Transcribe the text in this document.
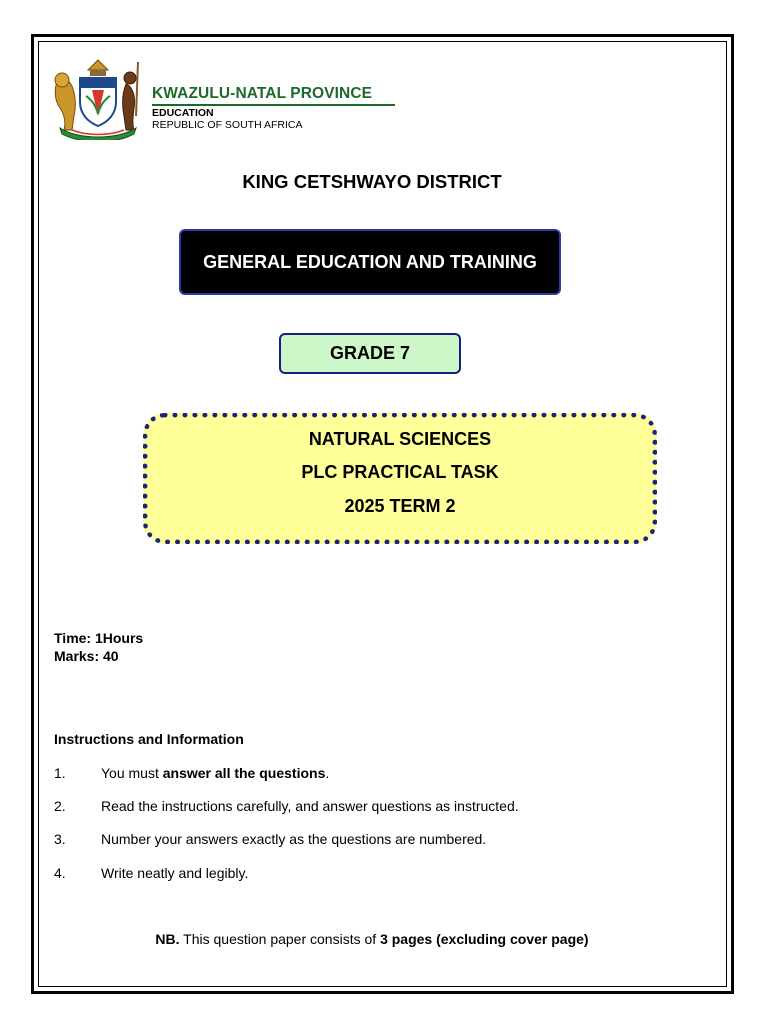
KWAZULU-NATAL PROVINCE
EDUCATION
REPUBLIC OF SOUTH AFRICA
KING CETSHWAYO DISTRICT
GENERAL EDUCATION AND TRAINING
GRADE 7
NATURAL SCIENCES
PLC PRACTICAL TASK
2025 TERM 2
Time: 1Hours
Marks: 40
Instructions and Information
1.	You must answer all the questions.
2.	Read the instructions carefully, and answer questions as instructed.
3.	Number your answers exactly as the questions are numbered.
4.	Write neatly and legibly.
NB. This question paper consists of 3 pages (excluding cover page)
